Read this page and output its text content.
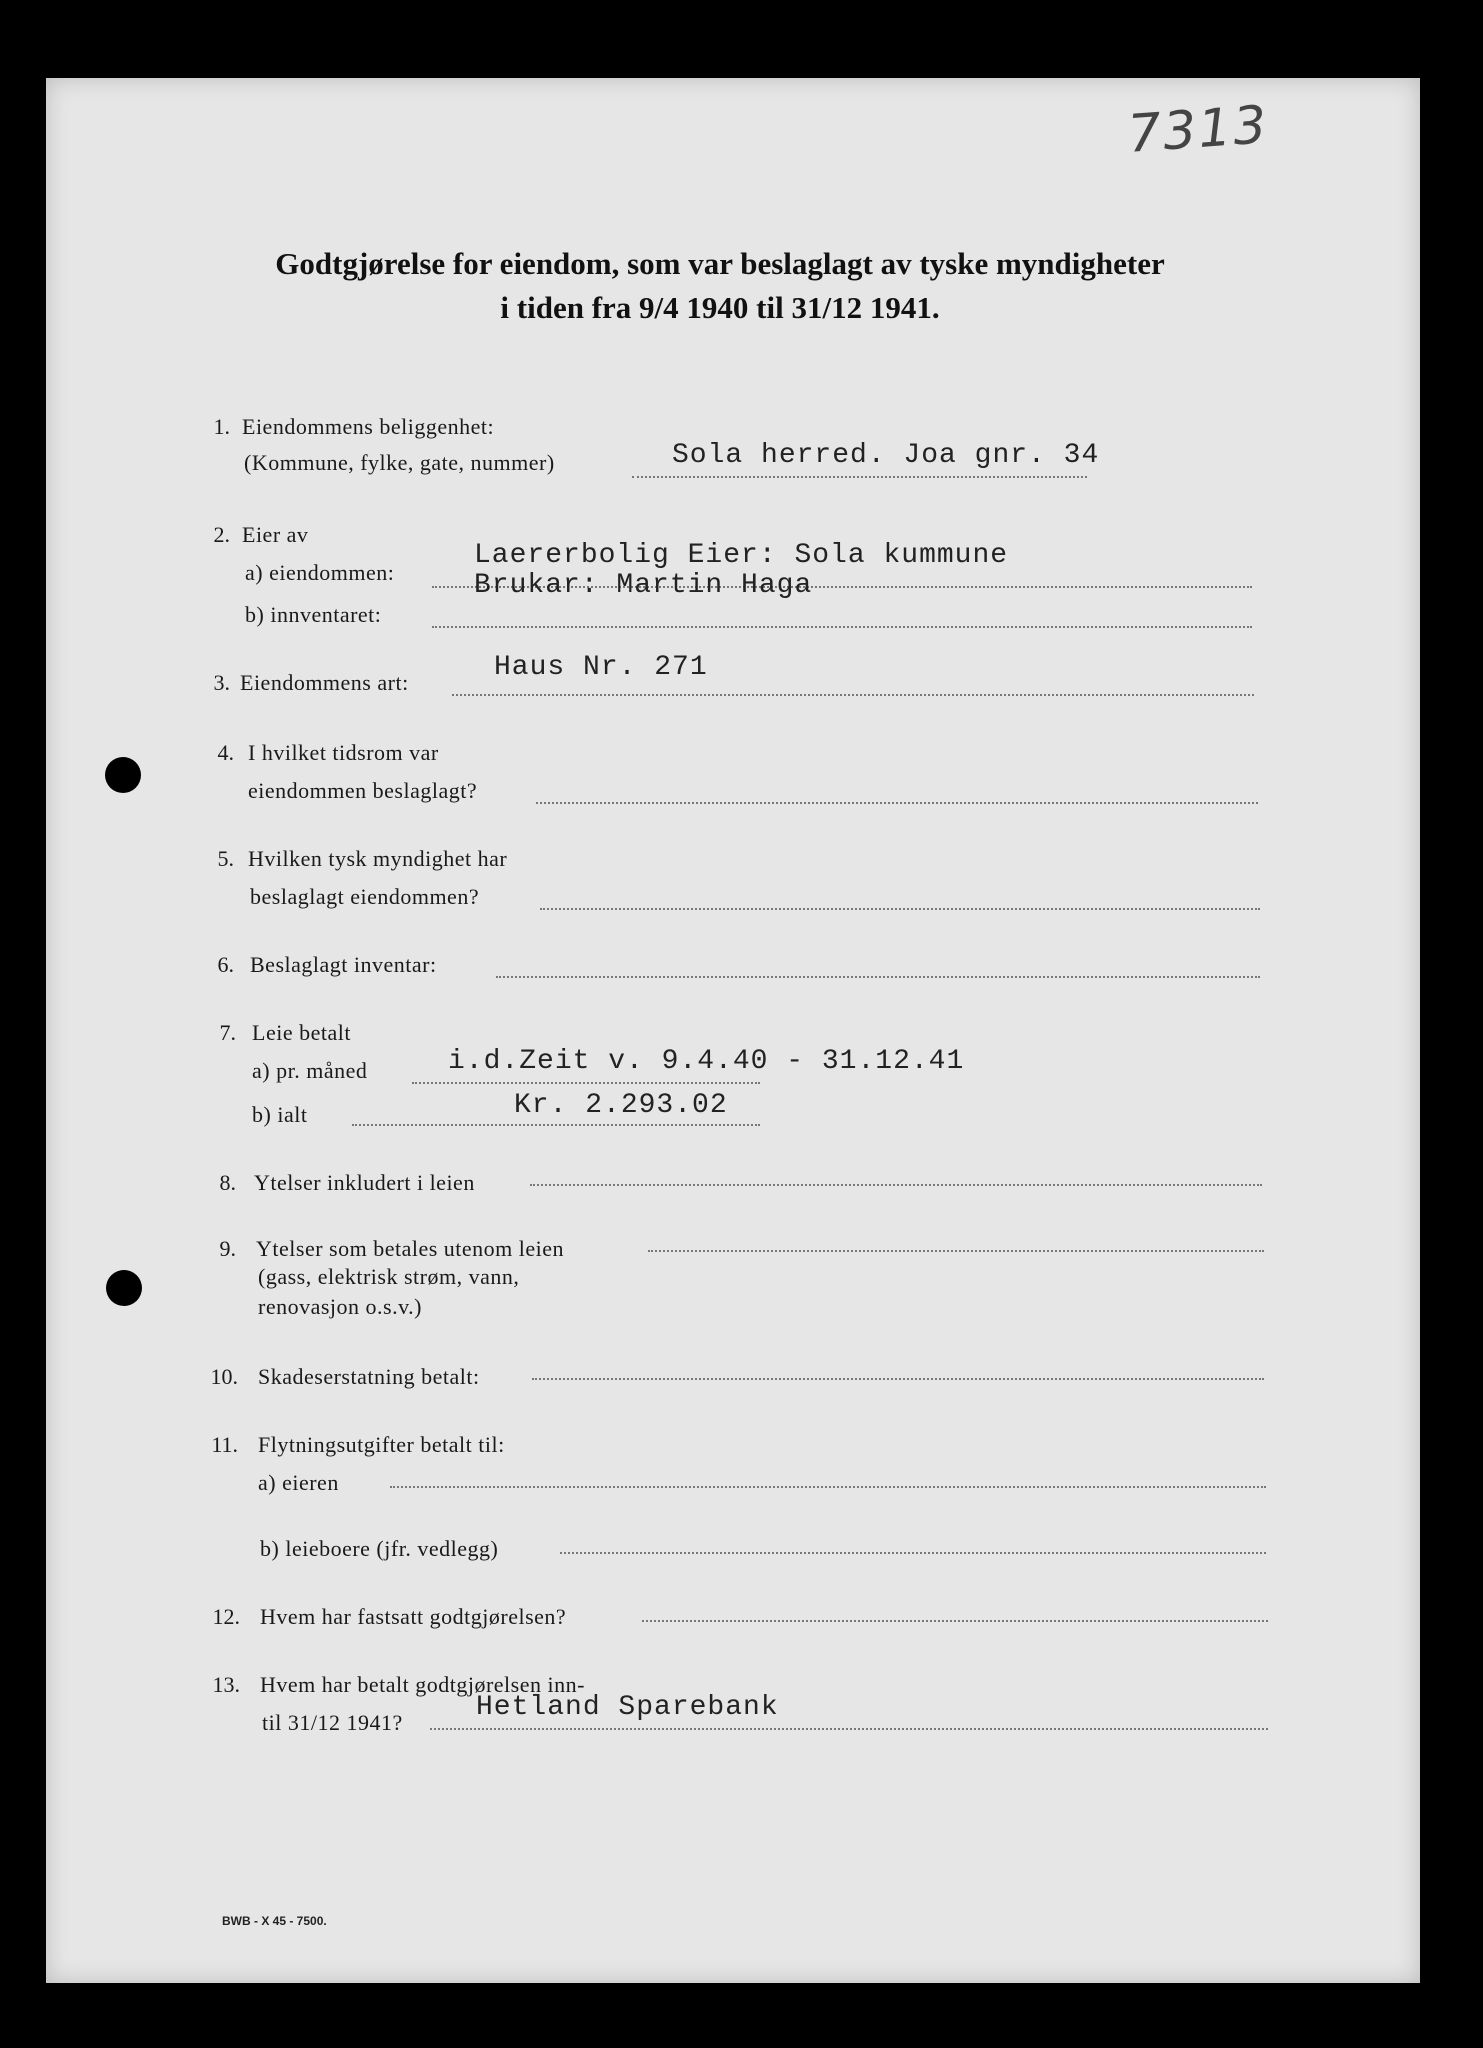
7313
Godtgjørelse for eiendom, som var beslaglagt av tyske myndigheter
i tiden fra 9/4 1940 til 31/12 1941.
1. Eiendommens beliggenhet:
(Kommune, fylke, gate, nummer)	Sola herred. Joa gnr. 34
2. Eier av
a) eiendommen:
Laererbolig Eier: Sola kummune
Brukar: Martin Haga
b) innventaret:
3. Eiendommens art:	Haus Nr. 271
4. I hvilket tidsrom var
eiendommen beslaglagt?
5. Hvilken tysk myndighet har
beslaglagt eiendommen?
6. Beslaglagt inventar:
7. Leie betalt
a) pr. måned	i.d.Zeit v. 9.4.40 - 31.12.41
b) ialt	Kr. 2.293.02
8. Ytelser inkludert i leien
9. Ytelser som betales utenom leien
(gass, elektrisk strøm, vann,
renovasjon o.s.v.)
10. Skadeserstatning betalt:
11. Flytningsutgifter betalt til:
a) eieren
b) leieboere (jfr. vedlegg)
12. Hvem har fastsatt godtgjørelsen?
13. Hvem har betalt godtgjørelsen inn-
til 31/12 1941?	Hetland Sparebank
BWB - X 45 - 7500.
